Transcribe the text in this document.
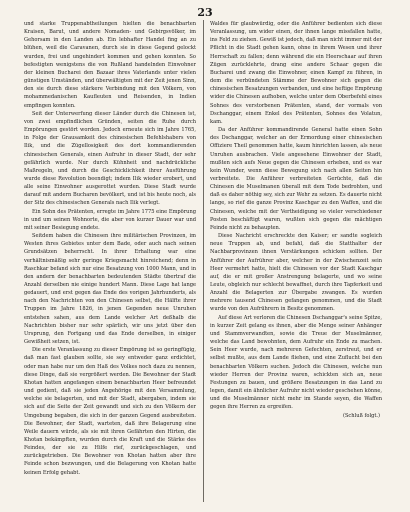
23

und starke Truppenabtheilungen hielten die benachbarten Kraisen, Barut, und andere Nomaden- und Gebirgsvölker, im Gehorsam in den Landen ab. Ein lebhafter Handel fing an zu blühen, weil die Caravanen, durch sie in diese Gegend gelockt wurden, frei und ungehindert kommen und gehen konnten. So befestigten wenigstens die von Rußland handelnden Einwohner der kleinen Bucharei den Bazaar ihres Vaterlands unter vielen günstigen Umständen, und überwältigten mit der Zeit jenen Sinn, den sie durch diese stärkere Verbindung mit den Völkern, von mohammedanischen Kaufleuten und Reisenden, in Indien empfingen konnten.

Seit der Unterwerfung dieser Länder durch die Chinesen ist, von zwei empfindlichen Gründen, seiten die Ruhe durch Empörungen gestört worden. Jedoch erneute sich im Jahre 1765, in Folge der Grausamkeit des chinesischen Befehlshabers von Ilik, und die Zügellosigkeit des dort kommandierenden chinesischen Generals, einen Aufruhr in dieser Stadt, der sehr gefährlich wurde. Nur durch Kühnheit und nachdrückliche Maßregeln, und durch die Geschicklichkeit ihrer Ausführung wurde diese Revolution beendigt; indem Ilik wieder erobert, und alle seine Einwohner ausgerottet wurden. Diese Stadt wurde darauf mit andern Bucharen bevölkert, und ist bis heute noch, als der Sitz des chinesischen Generals nach Ilik verlegt.

Ein Sohn des Prätenten, erregte im Jahre 1775 eine Empörung in und um seinen Wohnorte, die aber von kurzer Dauer war und mit seiner Besiegung endete.

Seitdem haben die Chinesen ihre militärischen Provinzen, im Westen ihres Gebietes unter dem Bade, oder auch nach seinen Grundsätzen beherrscht. In ihrer Erhaltung war eine verhältnismäßig sehr geringe Kriegsmacht hinreichend; denn in Raschkar befand sich nur eine Besatzung von 1000 Mann, und in den andern der benachbarten bedeutenden Städte übertraf die Anzahl derselben nie einige hundert Mann. Diese Lage hat lange gedauert, und erst gegen das Ende des vorigen Jahrhunderts, als nach den Nachrichten von den Chinesen selbst, die Hälfte ihrer Truppen im Jahre 1826, in jenen Gegenden neue Unruhen entstehen sahen, aus dem Lande welcher Art deßhalb die Nachrichten bisher nur sehr spärlich, wir uns jetzt über den Ursprung, den Fortgang und das Ende derselben, in einiger Gewißheit setzen, ist.

Die erste Veranlassung zu dieser Empörung ist so geringfügig, daß man fast glauben sollte, sie sey entweder ganz erdichtet, oder man habe nur um den Haß des Volkes noch dazu zu nennen, diese Dinge, daß sie vergrößert werden. Die Bewohner der Stadt Khotan hatten angefangen einem benachbarten Heer befreundet und gedient, daß sie jeden Angehörige mit den Versammlung, welche sie belagerten, und mit der Stadt, abergaben, indem sie sich auf die Seite der Zeit gewandt und sich zu den Völkern der Umgebung begaben, die sich in der ganzen Gegend ausbreiteten. Die Bewohner, der Stadt, warteten, daß ihre Belagerung eine Weile dauern würde, als sie mit ihren Gefährten den Hirten, die Khotan bekämpften, wurden durch die Kraft und die Stärke des Feindes, der sie zu Hilfe rief, zurückgeschlagen, und zurückgetrieben. Die Bewohner von Khotan hatten aber ihre Feinde schon bezwungen, und die Belagerung von Khotan hatte keinen Erfolg gehabt.

Waldes für glaubwürdig, oder die Anführer bedienten sich diese Veranlassung, um wider einen, der ihnen lange missfallen hatte, ins Feld zu ziehen. Gewiß ist jedoch, daß man nicht immer mit der Pflicht in die Stadt gehen kann, ohne in ihrem Wesen und ihrer Herrschaft zu fallen; denn während die ein Heerschaar auf ihren Zügen zurücklehrte, drang eine andere Schaar gegen die Bucharei und zwang die Einwohner, einen Kampf zu führen, in dem die verbündeten Stämme der Bewohner sich gegen die chinesischen Besatzungen verbanden, und eine heftige Empörung wider die Chinesen aufhoben, welche unter dem Oberbefehl eines Sohnes des verstorbenen Prätenten, stand, der vormals von Dschanggar, einem Enkel des Prätenten, Sohnes des Volatun, kam.

Da der Anführer kommandirende General hatte einen Sohn des Dschanggar, welcher an der Ermordung einer chinesischen Offiziere Theil genommen hatte, kaum hinrichten lassen, als neue Unruhen ausbrachen. Viele angesehene Einwohner der Stadt, mußten sich aufs Neue gegen die Chinesen erheben, und es war kein Wunder, wenn diese Bewegung sich nach allen Seiten hin verbreitete. Die Anführer verbreiteten Gerüchte, daß die Chinesen die Muselmanen überall mit dem Tode bedrohten, und daß es daher nöthig sey, sich zur Wehr zu setzen. Es dauerte nicht lange, so rief die ganze Provinz Kaschgar zu den Waffen, und die Chinesen, welche mit der Vertheidigung so vieler verschiedener Posten beschäftigt waren, wußten sich gegen die mächtigen Feinde nicht zu behaupten.

Diese Nachricht erschreckte den Kaiser; er sandte sogleich neue Truppen ab, und befahl, daß die Statthalter der Nachbarprovinzen ihnen Verstärkungen schicken sollten. Der Anführer der Aufrührer aber, welcher in der Zwischenzeit sein Heer vermehrt hatte, hielt die Chinesen vor der Stadt Kaschgar auf, die er mit großer Anstrengung belagerte, und wo seine Leute, obgleich nur schlecht bewaffnet, durch ihre Tapferkeit und Anzahl die Belagerten zur Übergabe zwangen. Es wurden mehrere tausend Chinesen gefangen genommen, und die Stadt wurde von den Aufrührern in Besitz genommen.

Auf diese Art verloren die Chinesen Dschanggar's seine Spitze, in kurzer Zeit gelang es ihnen, aber die Menge seiner Anhänger und Stammverwandten, sowie die Treue der Muselmänner, welche das Land bewohnten, dem Aufruhr ein Ende zu machen. Sein Heer wurde, nach mehreren Gefechten, zerstreut, und er selbst mußte, aus dem Lande fliehen, und eine Zuflucht bei den benachbarten Völkern suchen. Jedoch die Chinesen, welche nun wieder Herren der Provinz waren, schickten sich an, neue Festungen zu bauen, und größere Besatzungen in das Land zu legen, damit ein ähnlicher Aufruhr nicht wieder geschehen könne, und die Muselmänner nicht mehr im Stande seyen, die Waffen gegen ihre Herren zu ergreifen.

(Schluß folgt.)
